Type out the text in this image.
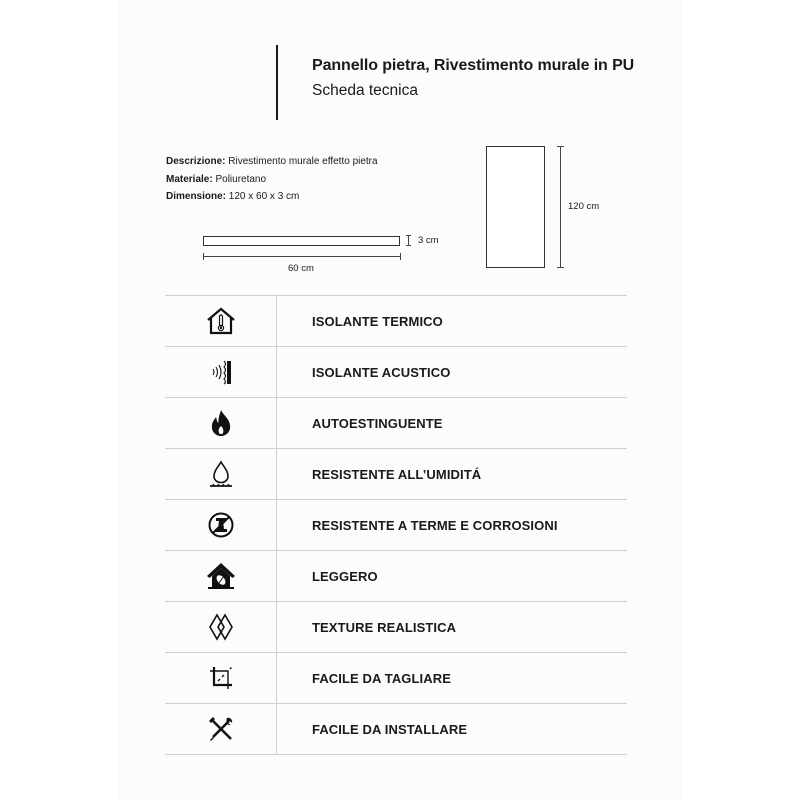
Pannello pietra, Rivestimento murale in PU
Scheda tecnica
Descrizione: Rivestimento murale effetto pietra
Materiale: Poliuretano
Dimensione: 120 x 60 x 3 cm
60 cm
3 cm
120 cm
ISOLANTE TERMICO
ISOLANTE ACUSTICO
AUTOESTINGUENTE
RESISTENTE ALL’UMIDITÁ
RESISTENTE A TERME E CORROSIONI
LEGGERO
TEXTURE REALISTICA
FACILE DA TAGLIARE
FACILE DA INSTALLARE
